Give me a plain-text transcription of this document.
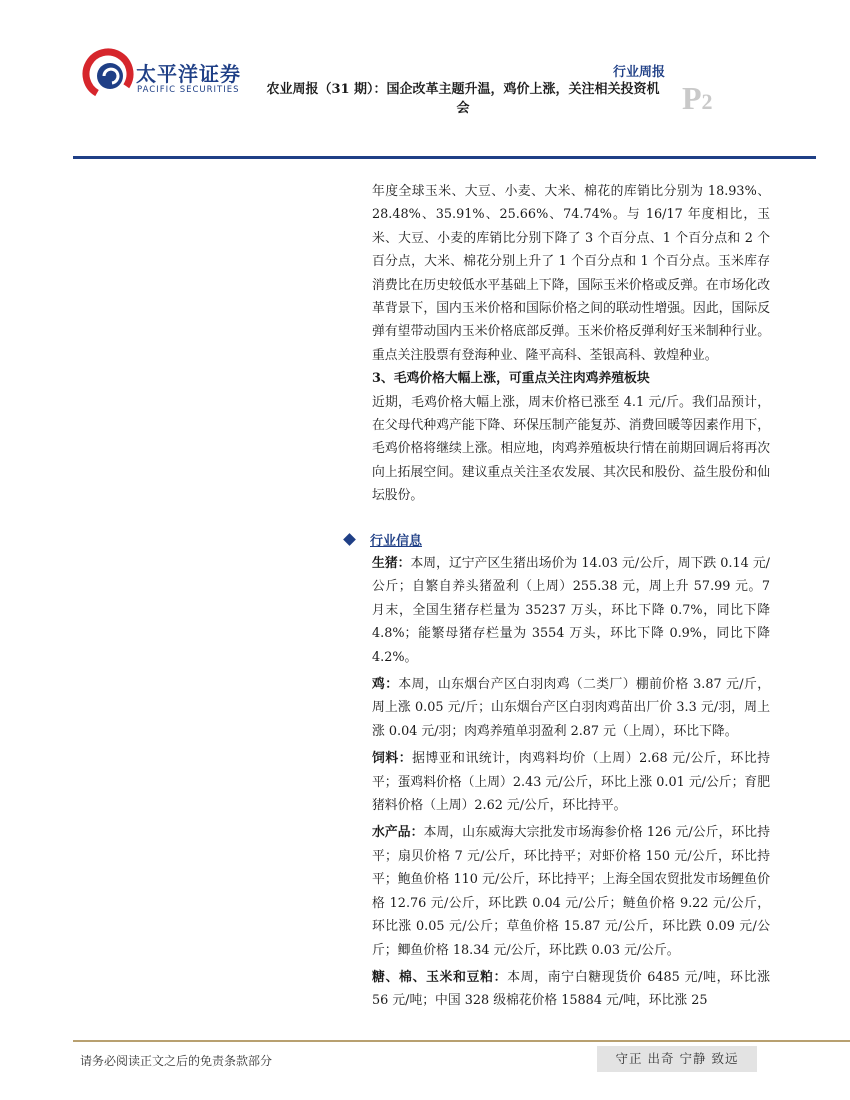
太平洋证券
PACIFIC SECURITIES
行业周报
农业周报（31 期）：国企改革主题升温，鸡价上涨，关注相关投资机会	P2

年度全球玉米、大豆、小麦、大米、棉花的库销比分别为 18.93%、28.48%、35.91%、25.66%、74.74%。与 16/17 年度相比，玉米、大豆、小麦的库销比分别下降了 3 个百分点、1 个百分点和 2 个百分点，大米、棉花分别上升了 1 个百分点和 1 个百分点。玉米库存消费比在历史较低水平基础上下降，国际玉米价格或反弹。在市场化改革背景下，国内玉米价格和国际价格之间的联动性增强。因此，国际反弹有望带动国内玉米价格底部反弹。玉米价格反弹利好玉米制种行业。重点关注股票有登海种业、隆平高科、荃银高科、敦煌种业。

3、毛鸡价格大幅上涨，可重点关注肉鸡养殖板块

近期，毛鸡价格大幅上涨，周末价格已涨至 4.1 元/斤。我们品预计，在父母代种鸡产能下降、环保压制产能复苏、消费回暖等因素作用下，毛鸡价格将继续上涨。相应地，肉鸡养殖板块行情在前期回调后将再次向上拓展空间。建议重点关注圣农发展、其次民和股份、益生股份和仙坛股份。

行业信息

生猪：本周，辽宁产区生猪出场价为 14.03 元/公斤，周下跌 0.14 元/公斤；自繁自养头猪盈利（上周）255.38 元，周上升 57.99 元。7 月末，全国生猪存栏量为 35237 万头，环比下降 0.7%，同比下降 4.8%；能繁母猪存栏量为 3554 万头，环比下降 0.9%，同比下降 4.2%。

鸡：本周，山东烟台产区白羽肉鸡（二类厂）棚前价格 3.87 元/斤，周上涨 0.05 元/斤；山东烟台产区白羽肉鸡苗出厂价 3.3 元/羽，周上涨 0.04 元/羽；肉鸡养殖单羽盈利 2.87 元（上周），环比下降。

饲料：据博亚和讯统计，肉鸡料均价（上周）2.68 元/公斤，环比持平；蛋鸡料价格（上周）2.43 元/公斤，环比上涨 0.01 元/公斤；育肥猪料价格（上周）2.62 元/公斤，环比持平。

水产品：本周，山东威海大宗批发市场海参价格 126 元/公斤，环比持平；扇贝价格 7 元/公斤，环比持平；对虾价格 150 元/公斤，环比持平；鲍鱼价格 110 元/公斤，环比持平；上海全国农贸批发市场鲤鱼价格 12.76 元/公斤，环比跌 0.04 元/公斤；鲢鱼价格 9.22 元/公斤，环比涨 0.05 元/公斤；草鱼价格 15.87 元/公斤，环比跌 0.09 元/公斤；鲫鱼价格 18.34 元/公斤，环比跌 0.03 元/公斤。

糖、棉、玉米和豆粕：本周，南宁白糖现货价 6485 元/吨，环比涨 56 元/吨；中国 328 级棉花价格 15884 元/吨，环比涨 25

请务必阅读正文之后的免责条款部分	守正 出奇 宁静 致远
